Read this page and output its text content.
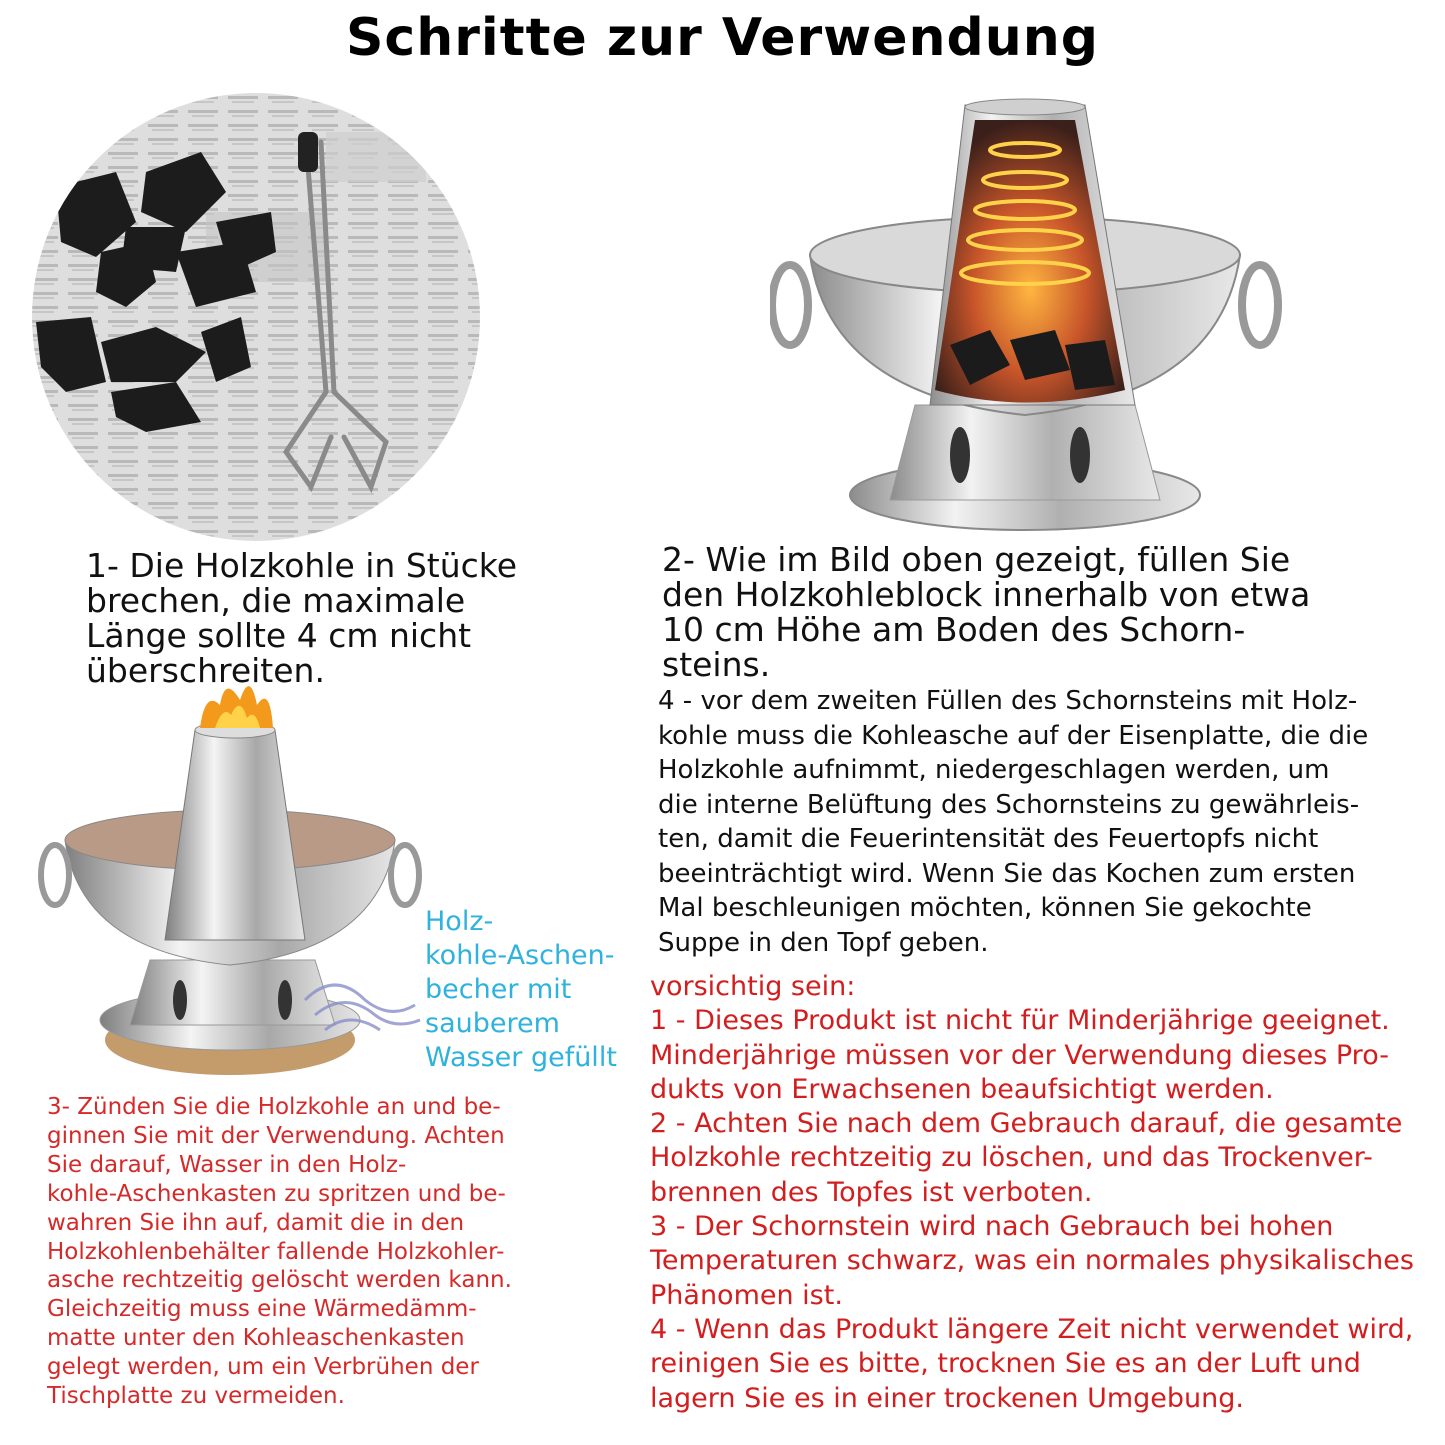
Schritte zur Verwendung
1- Die Holzkohle in Stücke
brechen, die maximale
Länge sollte 4 cm nicht
überschreiten.
2- Wie im Bild oben gezeigt, füllen Sie
den Holzkohleblock innerhalb von etwa
10 cm Höhe am Boden des Schorn-
steins.
4 - vor dem zweiten Füllen des Schornsteins mit Holz-
kohle muss die Kohleasche auf der Eisenplatte, die die
Holzkohle aufnimmt, niedergeschlagen werden, um
die interne Belüftung des Schornsteins zu gewährleis-
ten, damit die Feuerintensität des Feuertopfs nicht
beeinträchtigt wird. Wenn Sie das Kochen zum ersten
Mal beschleunigen möchten, können Sie gekochte
Suppe in den Topf geben.
Holz-
kohle-Aschen-
becher mit
sauberem
Wasser gefüllt
3- Zünden Sie die Holzkohle an und be-
ginnen Sie mit der Verwendung. Achten
Sie darauf, Wasser in den Holz-
kohle-Aschenkasten zu spritzen und be-
wahren Sie ihn auf, damit die in den
Holzkohlenbehälter fallende Holzkohler-
asche rechtzeitig gelöscht werden kann.
Gleichzeitig muss eine Wärmedämm-
matte unter den Kohleaschenkasten
gelegt werden, um ein Verbrühen der
Tischplatte zu vermeiden.
vorsichtig sein:
1 - Dieses Produkt ist nicht für Minderjährige geeignet. Minderjährige müssen vor der Verwendung dieses Pro- dukts von Erwachsenen beaufsichtigt werden.
2 - Achten Sie nach dem Gebrauch darauf, die gesamte Holzkohle rechtzeitig zu löschen, und das Trockenver- brennen des Topfes ist verboten.
3 - Der Schornstein wird nach Gebrauch bei hohen Temperaturen schwarz, was ein normales physikalisches Phänomen ist.
4 - Wenn das Produkt längere Zeit nicht verwendet wird, reinigen Sie es bitte, trocknen Sie es an der Luft und lagern Sie es in einer trockenen Umgebung.
